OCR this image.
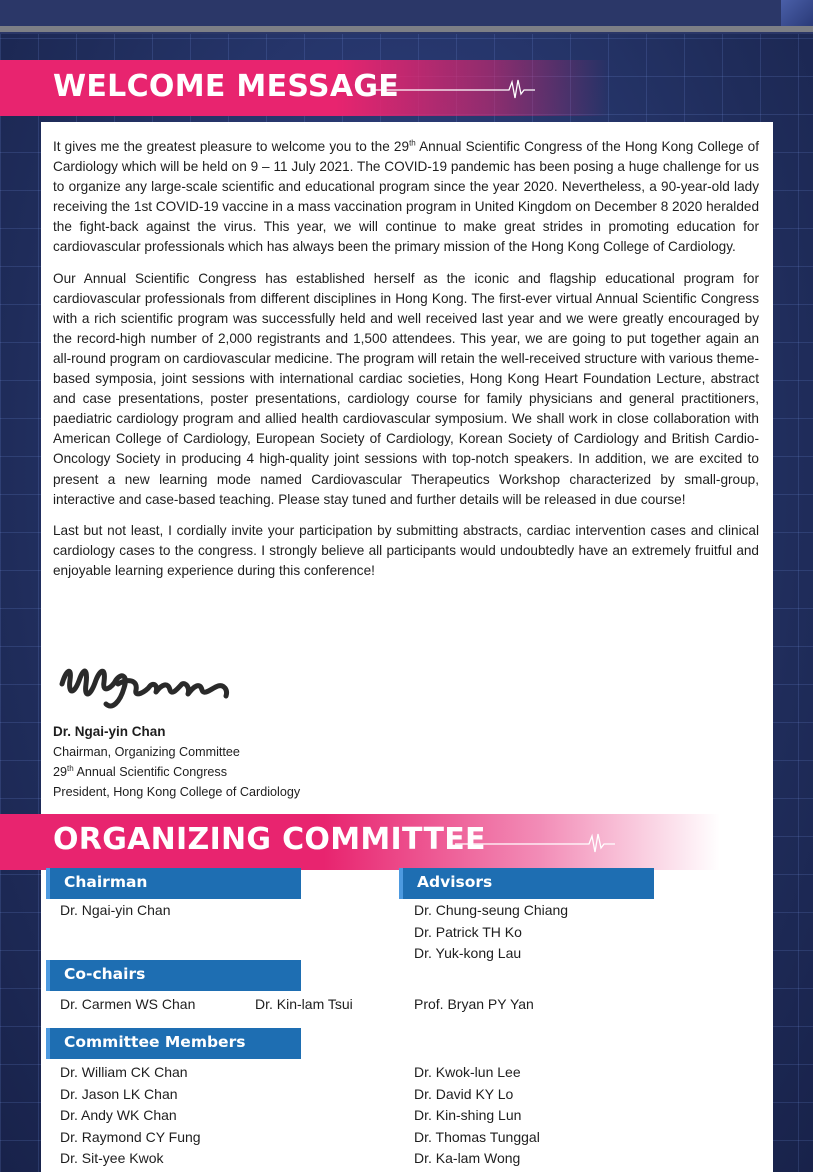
WELCOME MESSAGE

It gives me the greatest pleasure to welcome you to the 29th Annual Scientific Congress of the Hong Kong College of Cardiology which will be held on 9 – 11 July 2021. The COVID-19 pandemic has been posing a huge challenge for us to organize any large-scale scientific and educational program since the year 2020. Nevertheless, a 90-year-old lady receiving the 1st COVID-19 vaccine in a mass vaccination program in United Kingdom on December 8 2020 heralded the fight-back against the virus. This year, we will continue to make great strides in promoting education for cardiovascular professionals which has always been the primary mission of the Hong Kong College of Cardiology.

Our Annual Scientific Congress has established herself as the iconic and flagship educational program for cardiovascular professionals from different disciplines in Hong Kong. The first-ever virtual Annual Scientific Congress with a rich scientific program was successfully held and well received last year and we were greatly encouraged by the record-high number of 2,000 registrants and 1,500 attendees. This year, we are going to put together again an all-round program on cardiovascular medicine. The program will retain the well-received structure with various theme-based symposia, joint sessions with international cardiac societies, Hong Kong Heart Foundation Lecture, abstract and case presentations, poster presentations, cardiology course for family physicians and general practitioners, paediatric cardiology program and allied health cardiovascular symposium. We shall work in close collaboration with American College of Cardiology, European Society of Cardiology, Korean Society of Cardiology and British Cardio-Oncology Society in producing 4 high-quality joint sessions with top-notch speakers. In addition, we are excited to present a new learning mode named Cardiovascular Therapeutics Workshop characterized by small-group, interactive and case-based teaching. Please stay tuned and further details will be released in due course!

Last but not least, I cordially invite your participation by submitting abstracts, cardiac intervention cases and clinical cardiology cases to the congress. I strongly believe all participants would undoubtedly have an extremely fruitful and enjoyable learning experience during this conference!

Dr. Ngai-yin Chan
Chairman, Organizing Committee
29th Annual Scientific Congress
President, Hong Kong College of Cardiology
ORGANIZING COMMITTEE
Chairman
Dr. Ngai-yin Chan
Advisors
Dr. Chung-seung Chiang
Dr. Patrick TH Ko
Dr. Yuk-kong Lau
Co-chairs
Dr. Carmen WS Chan	Dr. Kin-lam Tsui	Prof. Bryan PY Yan
Committee Members
Dr. William CK Chan
Dr. Jason LK Chan
Dr. Andy WK Chan
Dr. Raymond CY Fung
Dr. Sit-yee Kwok
Dr. Kwok-lun Lee
Dr. David KY Lo
Dr. Kin-shing Lun
Dr. Thomas Tunggal
Dr. Ka-lam Wong
